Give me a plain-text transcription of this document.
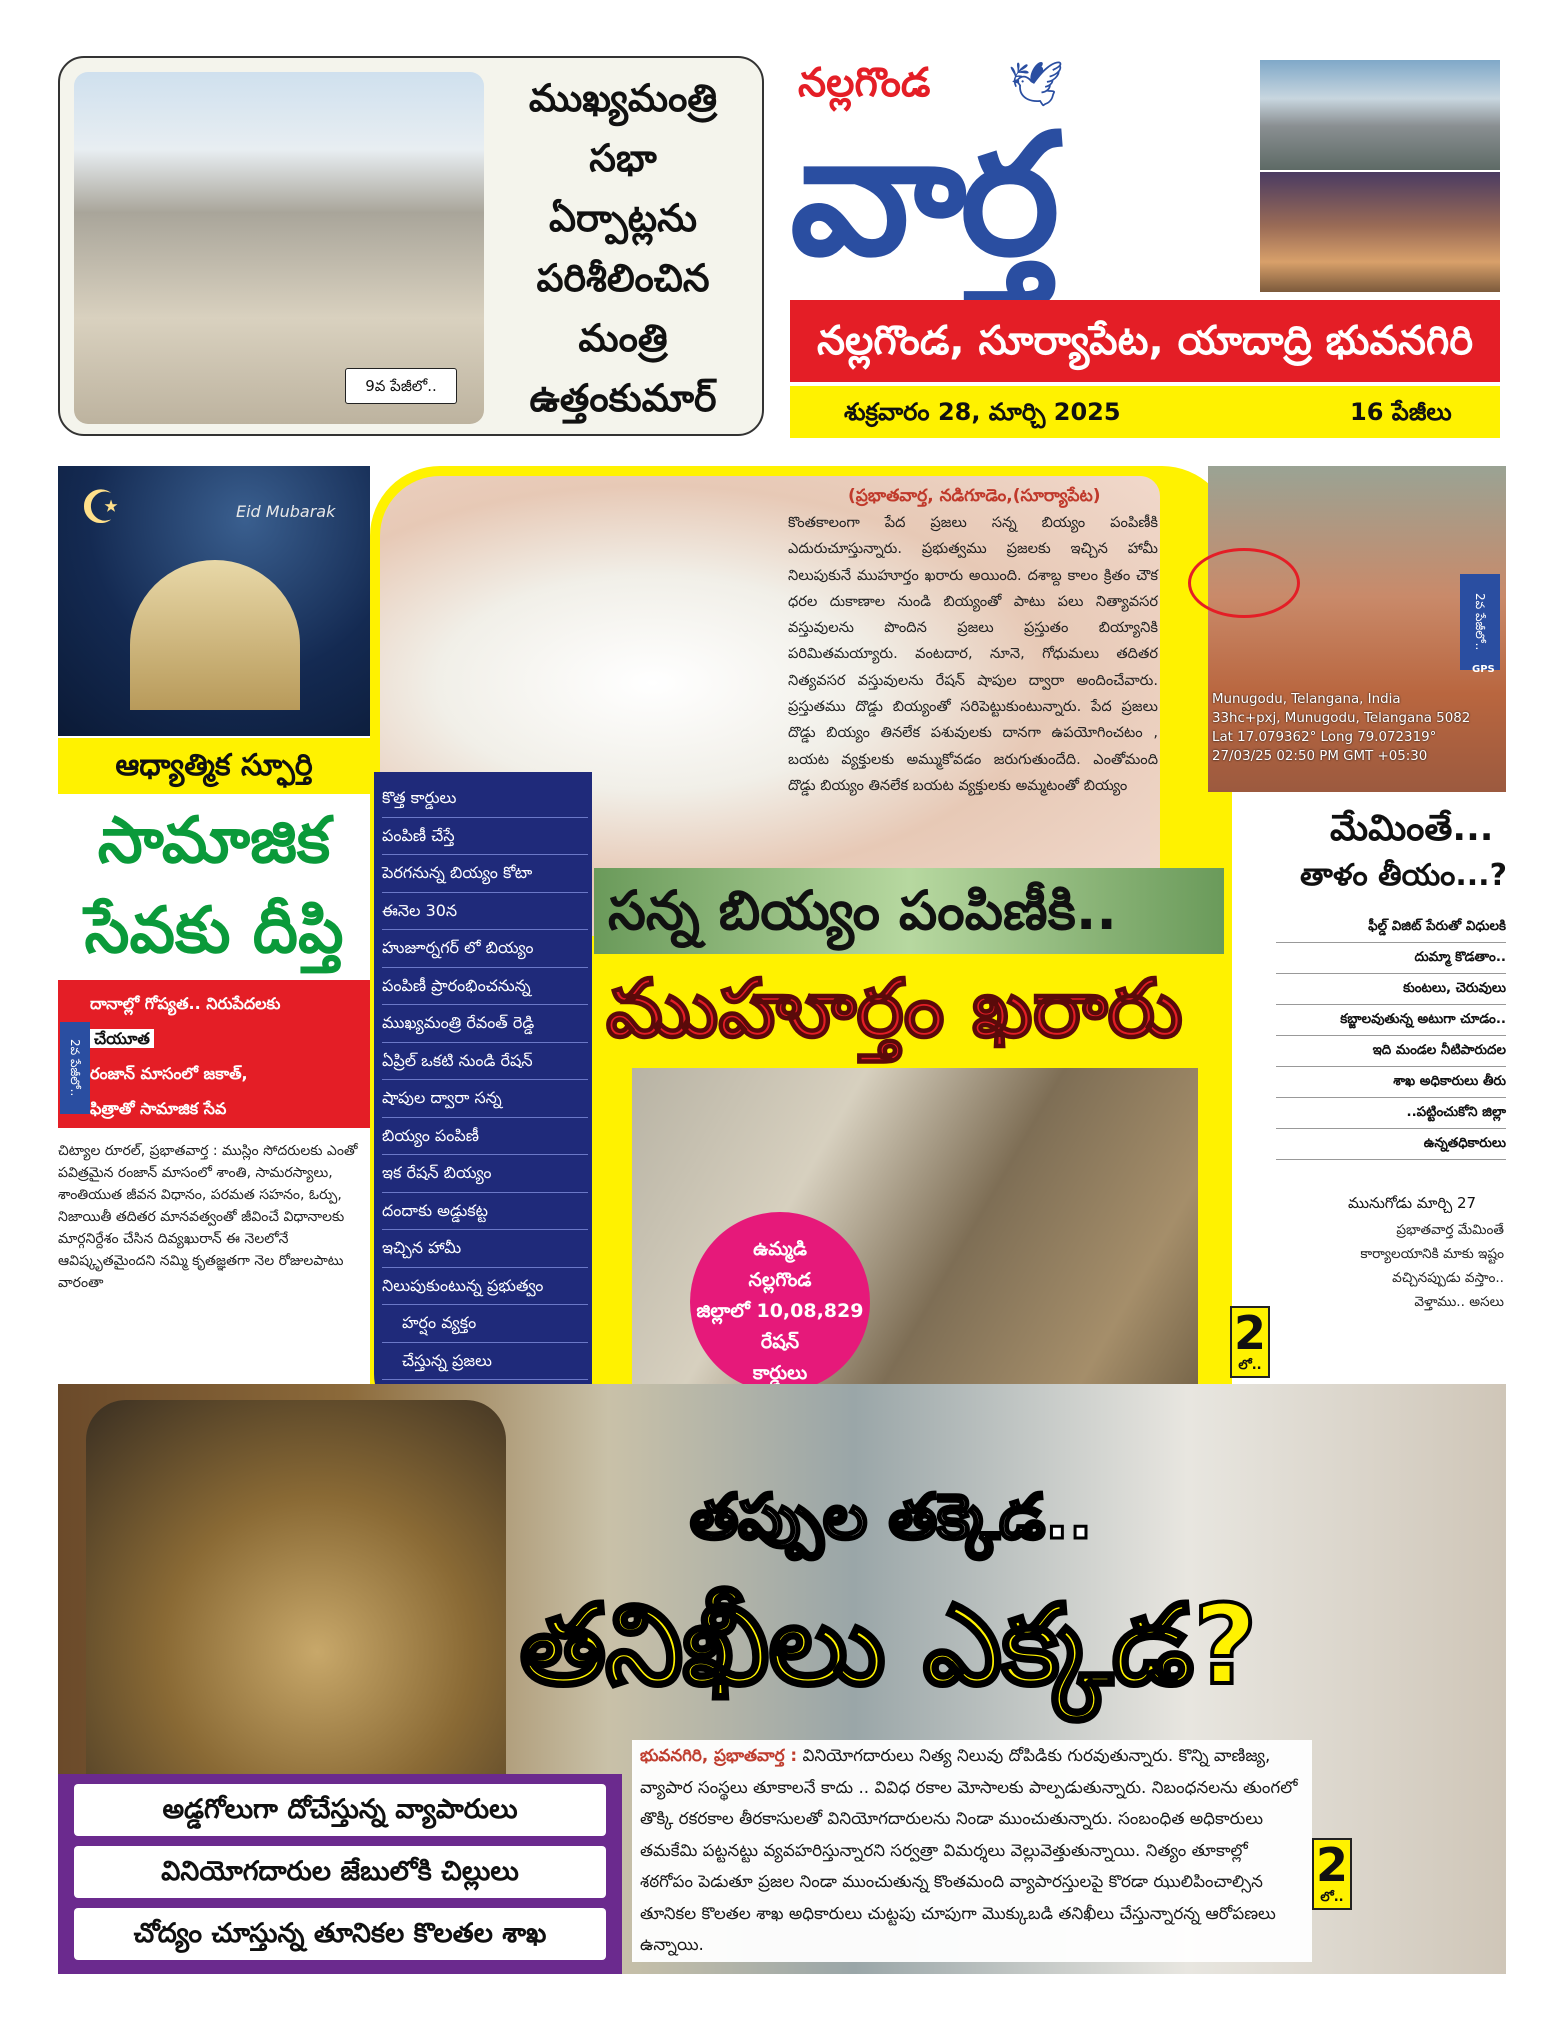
ముఖ్యమంత్రి
సభా
ఏర్పాట్లను
పరిశీలించిన
మంత్రి
ఉత్తంకుమార్
9వ పేజీలో..
నల్లగొండ 🕊
వార్త
నల్లగొండ, సూర్యాపేట, యాదాద్రి భువనగిరి
శుక్రవారం 28, మార్చి 2025	16 పేజీలు
☪	Eid Mubarak
ఆధ్యాత్మిక స్ఫూర్తి
సామాజిక
సేవకు దీప్తి
దానాల్లో గోప్యత.. నిరుపేదలకు
చేయూత
రంజాన్ మాసంలో జకాత్,
ఫిత్రాతో సామాజిక సేవ
2వ పేజీలో..
చిట్యాల రూరల్, ప్రభాతవార్త : ముస్లిం సోదరులకు ఎంతో పవిత్రమైన రంజాన్ మాసంలో శాంతి, సామరస్యాలు, శాంతియుత జీవన విధానం, పరమత సహనం, ఓర్పు, నిజాయితీ తదితర మానవత్వంతో జీవించే విధానాలకు మార్గనిర్దేశం చేసిన దివ్యఖురాన్ ఈ నెలలోనే ఆవిష్కృతమైందని నమ్మి కృతజ్ఞతగా నెల రోజులపాటు వారంతా
(ప్రభాతవార్త, నడిగూడెం,(సూర్యాపేట)
కొంతకాలంగా పేద ప్రజలు సన్న బియ్యం పంపిణీకి ఎదురుచూస్తున్నారు. ప్రభుత్వము ప్రజలకు ఇచ్చిన హామీ నిలుపుకునే ముహూర్తం ఖరారు అయింది. దశాబ్ద కాలం క్రితం చౌక ధరల దుకాణాల నుండి బియ్యంతో పాటు పలు నిత్యావసర వస్తువులను పొందిన ప్రజలు ప్రస్తుతం బియ్యానికి పరిమితమయ్యారు. వంటదార, నూనె, గోధుమలు తదితర నిత్యవసర వస్తువులను రేషన్ షాపుల ద్వారా అందించేవారు. ప్రస్తుతము దొడ్డు బియ్యంతో సరిపెట్టుకుంటున్నారు. పేద ప్రజలు దొడ్డు బియ్యం తినలేక పశువులకు దానగా ఉపయోగించటం , బయట వ్యక్తులకు అమ్ముకోవడం జరుగుతుందేది. ఎంతోమంది దొడ్డు బియ్యం తినలేక బయట వ్యక్తులకు అమ్మటంతో బియ్యం
కొత్త కార్డులు
పంపిణీ చేస్తే
పెరగనున్న బియ్యం కోటా
ఈనెల 30న
హుజూర్నగర్ లో బియ్యం
పంపిణీ ప్రారంభించనున్న
ముఖ్యమంత్రి రేవంత్ రెడ్డి
ఏప్రిల్ ఒకటి నుండి రేషన్
షాపుల ద్వారా సన్న
బియ్యం పంపిణీ
ఇక రేషన్ బియ్యం
దందాకు అడ్డుకట్ట
ఇచ్చిన హామీ
నిలుపుకుంటున్న ప్రభుత్వం
హర్షం వ్యక్తం
చేస్తున్న ప్రజలు
సన్న బియ్యం పంపిణీకి..
ముహూర్తం ఖరారు
ఉమ్మడి
నల్లగొండ
జిల్లాలో 10,08,829
రేషన్
కార్డులు
2
లో..
2వ పేజీలో..
GPS
Munugodu, Telangana, India
33hc+pxj, Munugodu, Telangana 5082
Lat 17.079362° Long 79.072319°
27/03/25 02:50 PM GMT +05:30
మేమింతే...
తాళం తీయం...?
ఫీల్డ్ విజిట్ పేరుతో విధులకి
దుమ్మా కొడతాం..
కుంటలు, చెరువులు
కబ్జాలవుతున్న అటుగా చూడం..
ఇది మండల నీటిపారుదల
శాఖ అధికారులు తీరు
..పట్టించుకోని జిల్లా
ఉన్నతధికారులు
మునుగోడు మార్చి 27
ప్రభాతవార్త మేమింతే కార్యాలయానికి మాకు ఇష్టం వచ్చినప్పుడు వస్తాం.. వెళ్తాము.. అసలు
తప్పుల తక్కెడ..
తనిఖీలు ఎక్కడ?
భువనగిరి, ప్రభాతవార్త : వినియోగదారులు నిత్య నిలువు దోపిడికు గురవుతున్నారు. కొన్ని వాణిజ్య, వ్యాపార సంస్థలు తూకాలనే కాదు .. వివిధ రకాల మోసాలకు పాల్పడుతున్నారు. నిబంధనలను తుంగలో తొక్కి రకరకాల తీరకాసులతో వినియోగదారులను నిండా ముంచుతున్నారు. సంబంధిత అధికారులు తమకేమి పట్టనట్టు వ్యవహరిస్తున్నారని సర్వత్రా విమర్శలు వెల్లువెత్తుతున్నాయి. నిత్యం తూకాల్లో శఠగోపం పెడుతూ ప్రజల నిండా ముంచుతున్న కొంతమంది వ్యాపారస్తులపై కొరడా ఝులిపించాల్సిన తూనికల కొలతల శాఖ అధికారులు చుట్టపు చూపుగా మొక్కుబడి తనిఖీలు చేస్తున్నారన్న ఆరోపణలు ఉన్నాయి.
అడ్డగోలుగా దోచేస్తున్న వ్యాపారులు
వినియోగదారుల జేబులోకి చిల్లులు
చోద్యం చూస్తున్న తూనికల కొలతల శాఖ
2
లో..
